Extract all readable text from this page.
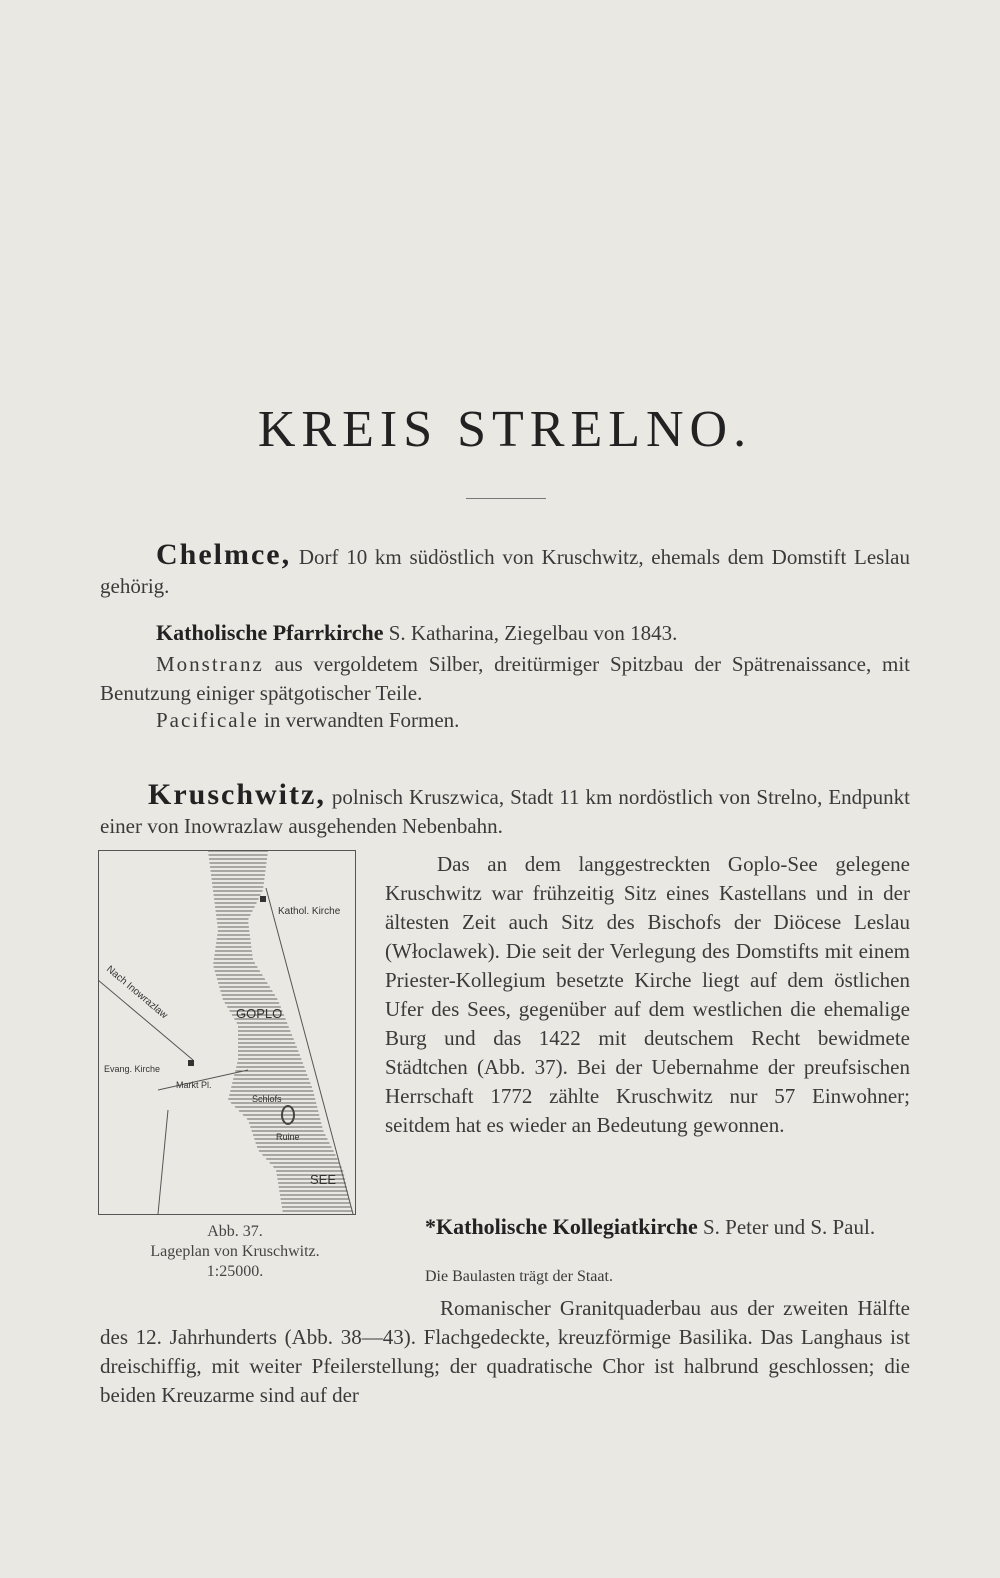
KREIS STRELNO.
Chelmce, Dorf 10 km südöstlich von Kruschwitz, ehemals dem Domstift Leslau gehörig.
Katholische Pfarrkirche S. Katharina, Ziegelbau von 1843.
Monstranz aus vergoldetem Silber, dreitürmiger Spitzbau der Spätrenaissance, mit Benutzung einiger spätgotischer Teile.
Pacificale in verwandten Formen.
Kruschwitz, polnisch Kruszwica, Stadt 11 km nordöstlich von Strelno, Endpunkt einer von Inowrazlaw ausgehenden Nebenbahn.
Kathol. Kirche
GOPLO
SEE
Nach Inowrazlaw
Evang. Kirche
Markt Pl.
Schlofs
Ruine
Abb. 37.
Lageplan von Kruschwitz.
1:25000.
Das an dem langgestreckten Goplo-See gelegene Kruschwitz war frühzeitig Sitz eines Kastellans und in der ältesten Zeit auch Sitz des Bischofs der Diöcese Leslau (Włoclawek). Die seit der Verlegung des Domstifts mit einem Priester-Kollegium besetzte Kirche liegt auf dem östlichen Ufer des Sees, gegenüber auf dem westlichen die ehemalige Burg und das 1422 mit deutschem Recht bewidmete Städtchen (Abb. 37). Bei der Uebernahme der preufsischen Herrschaft 1772 zählte Kruschwitz nur 57 Einwohner; seitdem hat es wieder an Bedeutung gewonnen.
*Katholische Kollegiatkirche S. Peter und S. Paul.
Die Baulasten trägt der Staat.
Romanischer Granitquaderbau aus der zweiten Hälfte des 12. Jahrhunderts (Abb. 38—43). Flachgedeckte, kreuzförmige Basilika. Das Langhaus ist dreischiffig, mit weiter Pfeilerstellung; der quadratische Chor ist halbrund geschlossen; die beiden Kreuzarme sind auf der
